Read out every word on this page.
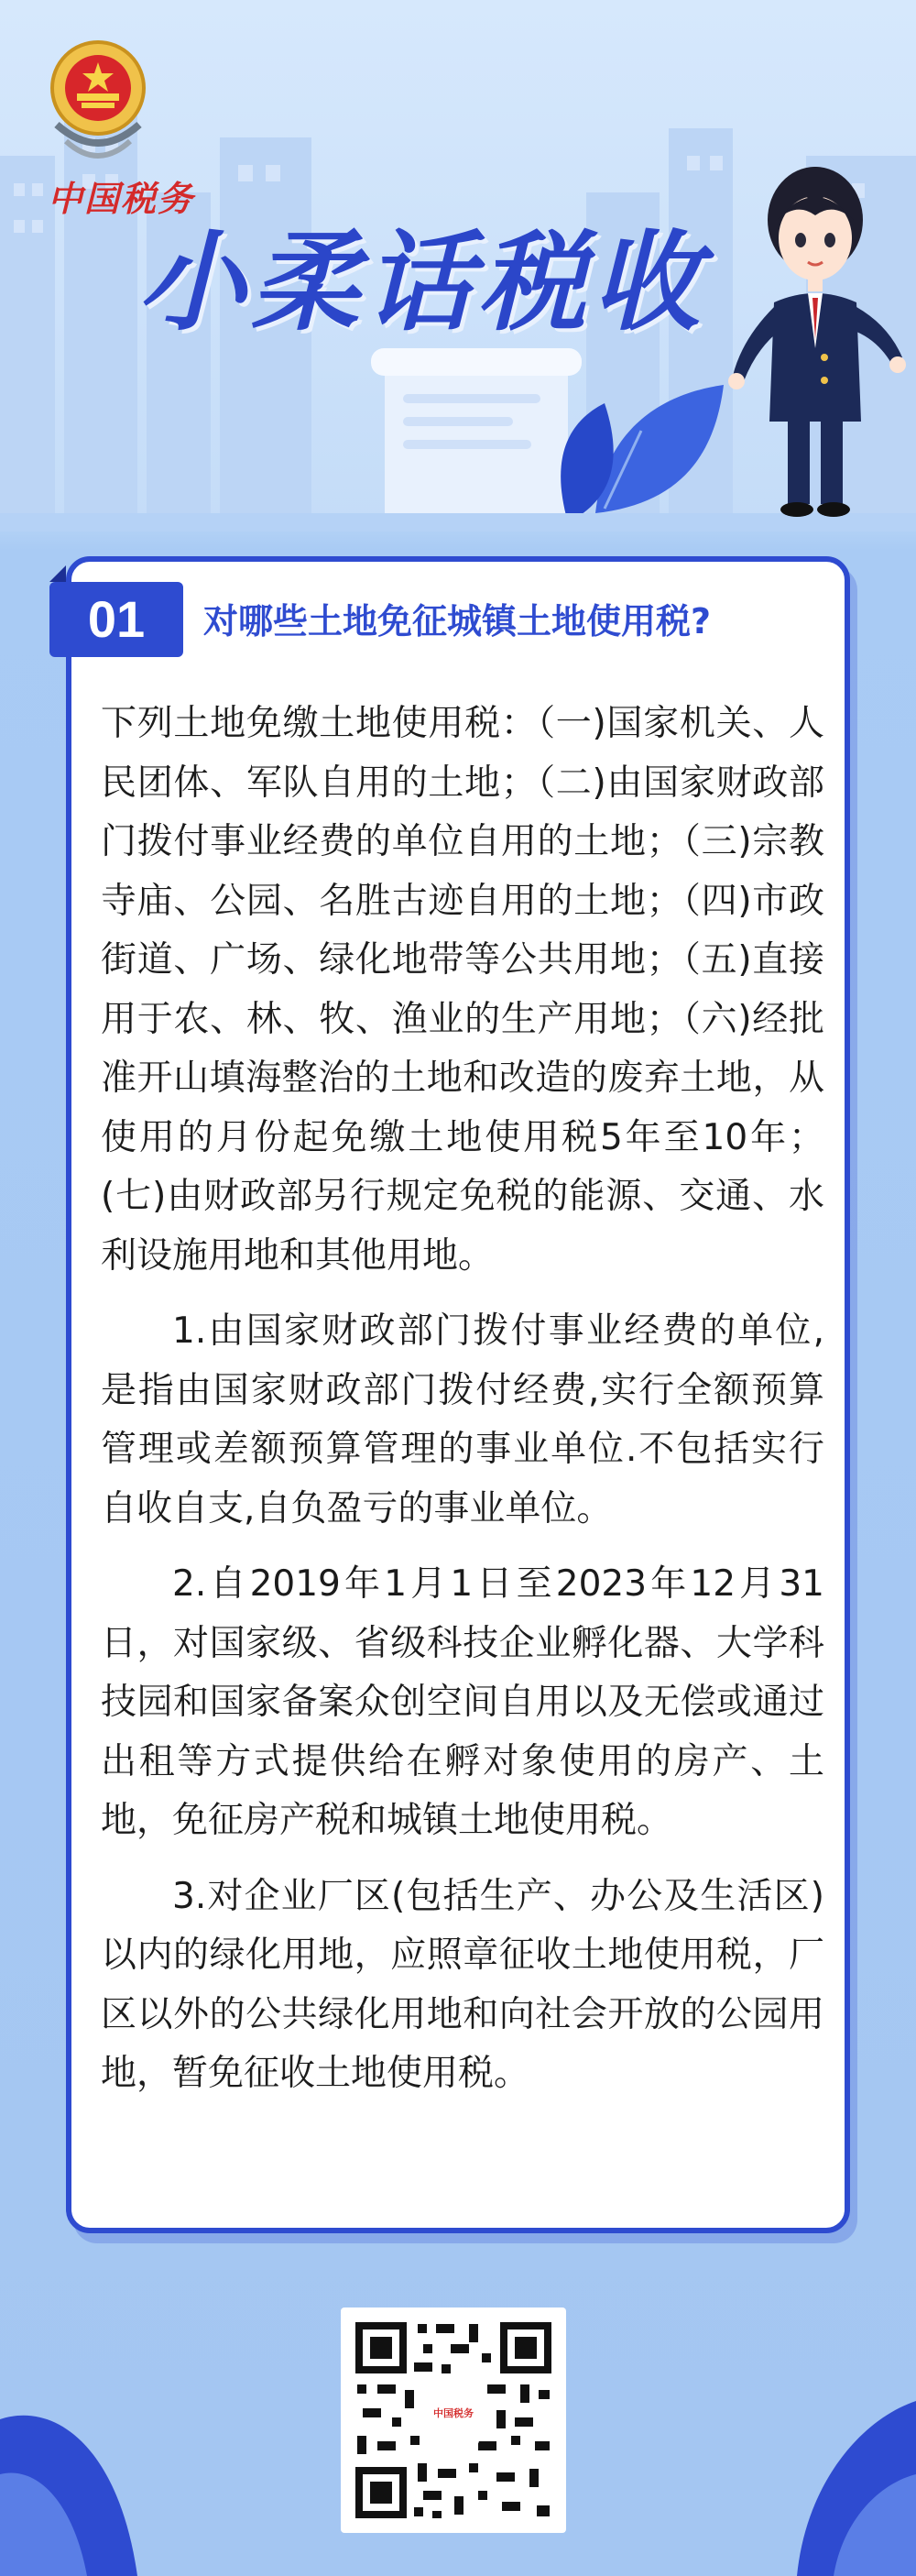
中国税务
小柔话税收
01	对哪些土地免征城镇土地使用税?

下列土地免缴土地使用税：（一)国家机关、人民团体、军队自用的土地；（二)由国家财政部门拨付事业经费的单位自用的土地；（三)宗教寺庙、公园、名胜古迹自用的土地；（四)市政街道、广场、绿化地带等公共用地；（五)直接用于农、林、牧、渔业的生产用地；（六)经批准开山填海整治的土地和改造的废弃土地，从使用的月份起免缴土地使用税5年至10年；(七)由财政部另行规定免税的能源、交通、水利设施用地和其他用地。

1.由国家财政部门拨付事业经费的单位,是指由国家财政部门拨付经费,实行全额预算管理或差额预算管理的事业单位.不包括实行自收自支,自负盈亏的事业单位。

2.自2019年1月1日至2023年12月31日，对国家级、省级科技企业孵化器、大学科技园和国家备案众创空间自用以及无偿或通过出租等方式提供给在孵对象使用的房产、土地，免征房产税和城镇土地使用税。

3.对企业厂区(包括生产、办公及生活区)以内的绿化用地，应照章征收土地使用税，厂区以外的公共绿化用地和向社会开放的公园用地，暂免征收土地使用税。

中国税务
